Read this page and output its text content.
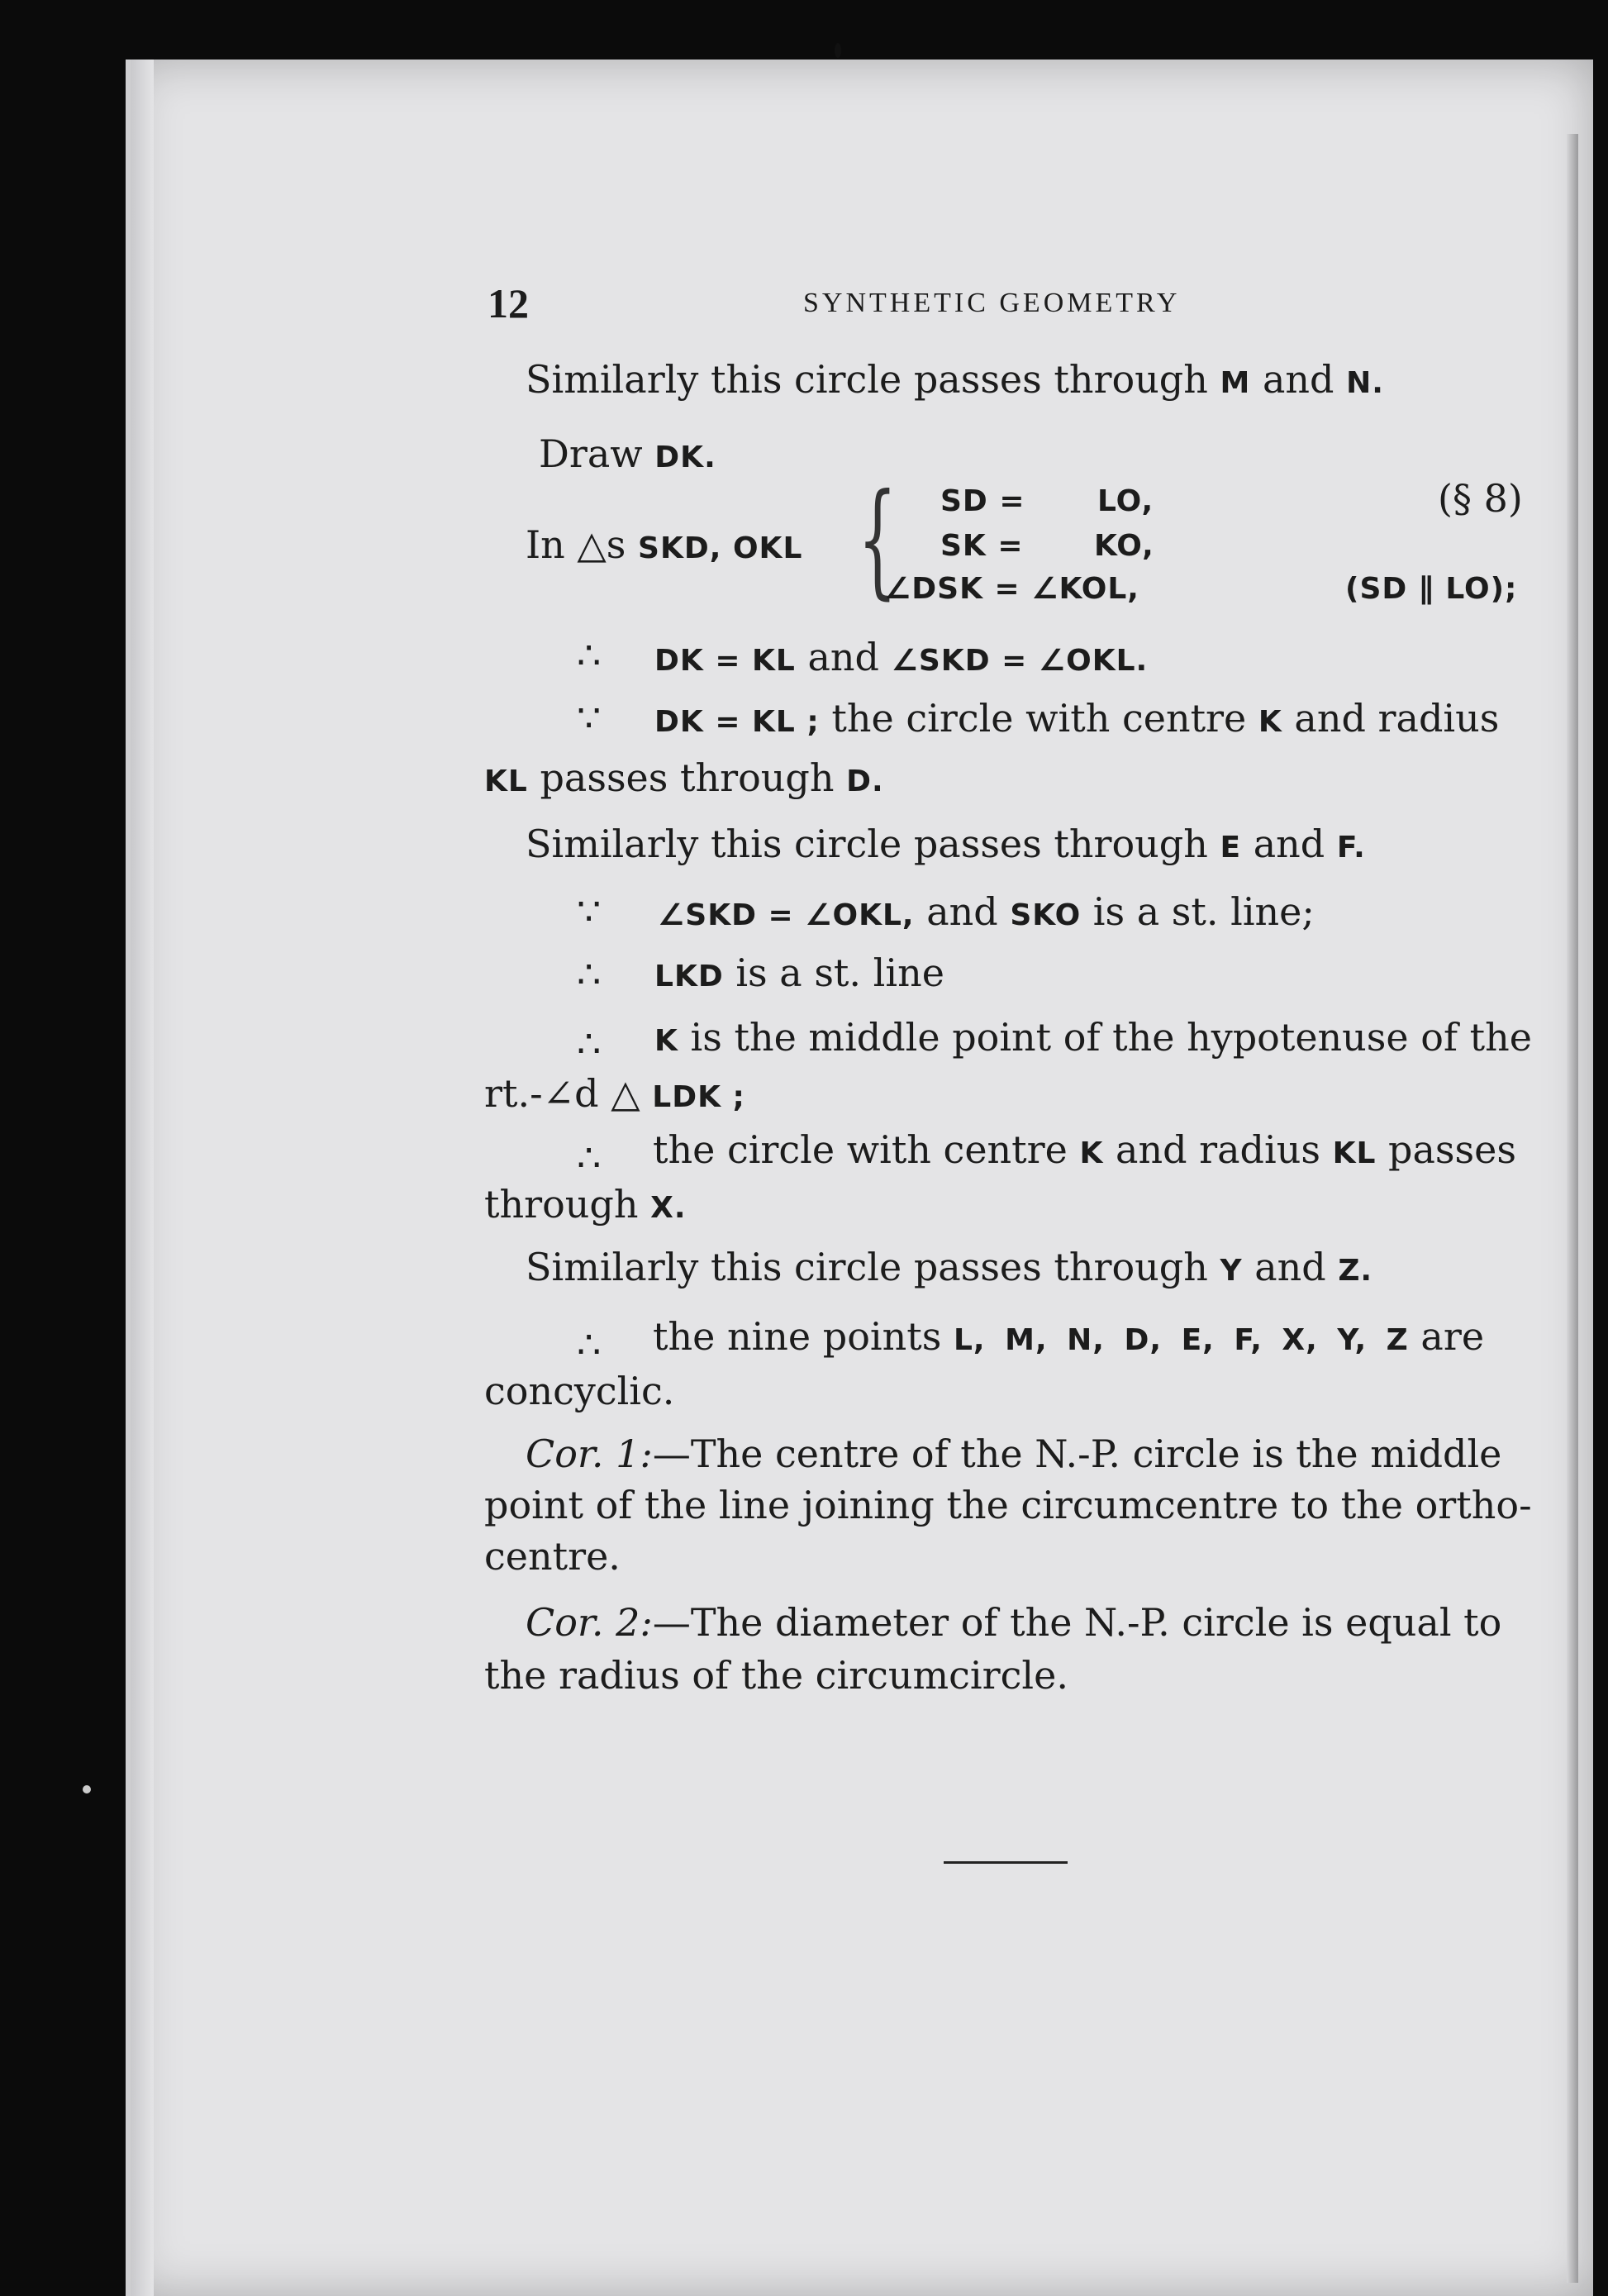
12	SYNTHETIC GEOMETRY
Similarly this circle passes through M and N.
Draw DK.
In △s SKD, OKL { SD = LO,	(§ 8)
SK = KO,
∠DSK = ∠KOL,	(SD ∥ LO);
∴ DK = KL and ∠SKD = ∠OKL.
∵ DK = KL ; the circle with centre K and radius
KL passes through D.
Similarly this circle passes through E and F.
∵ ∠SKD = ∠OKL, and SKO is a st. line;
∴ LKD is a st. line
∴ K is the middle point of the hypotenuse of the
rt.-∠d △ LDK ;
∴ the circle with centre K and radius KL passes
through X.
Similarly this circle passes through Y and Z.
∴ the nine points L, M, N, D, E, F, X, Y, Z are
concyclic.
Cor. 1:—The centre of the N.-P. circle is the middle
point of the line joining the circumcentre to the ortho-
centre.
Cor. 2:—The diameter of the N.-P. circle is equal to
the radius of the circumcircle.
